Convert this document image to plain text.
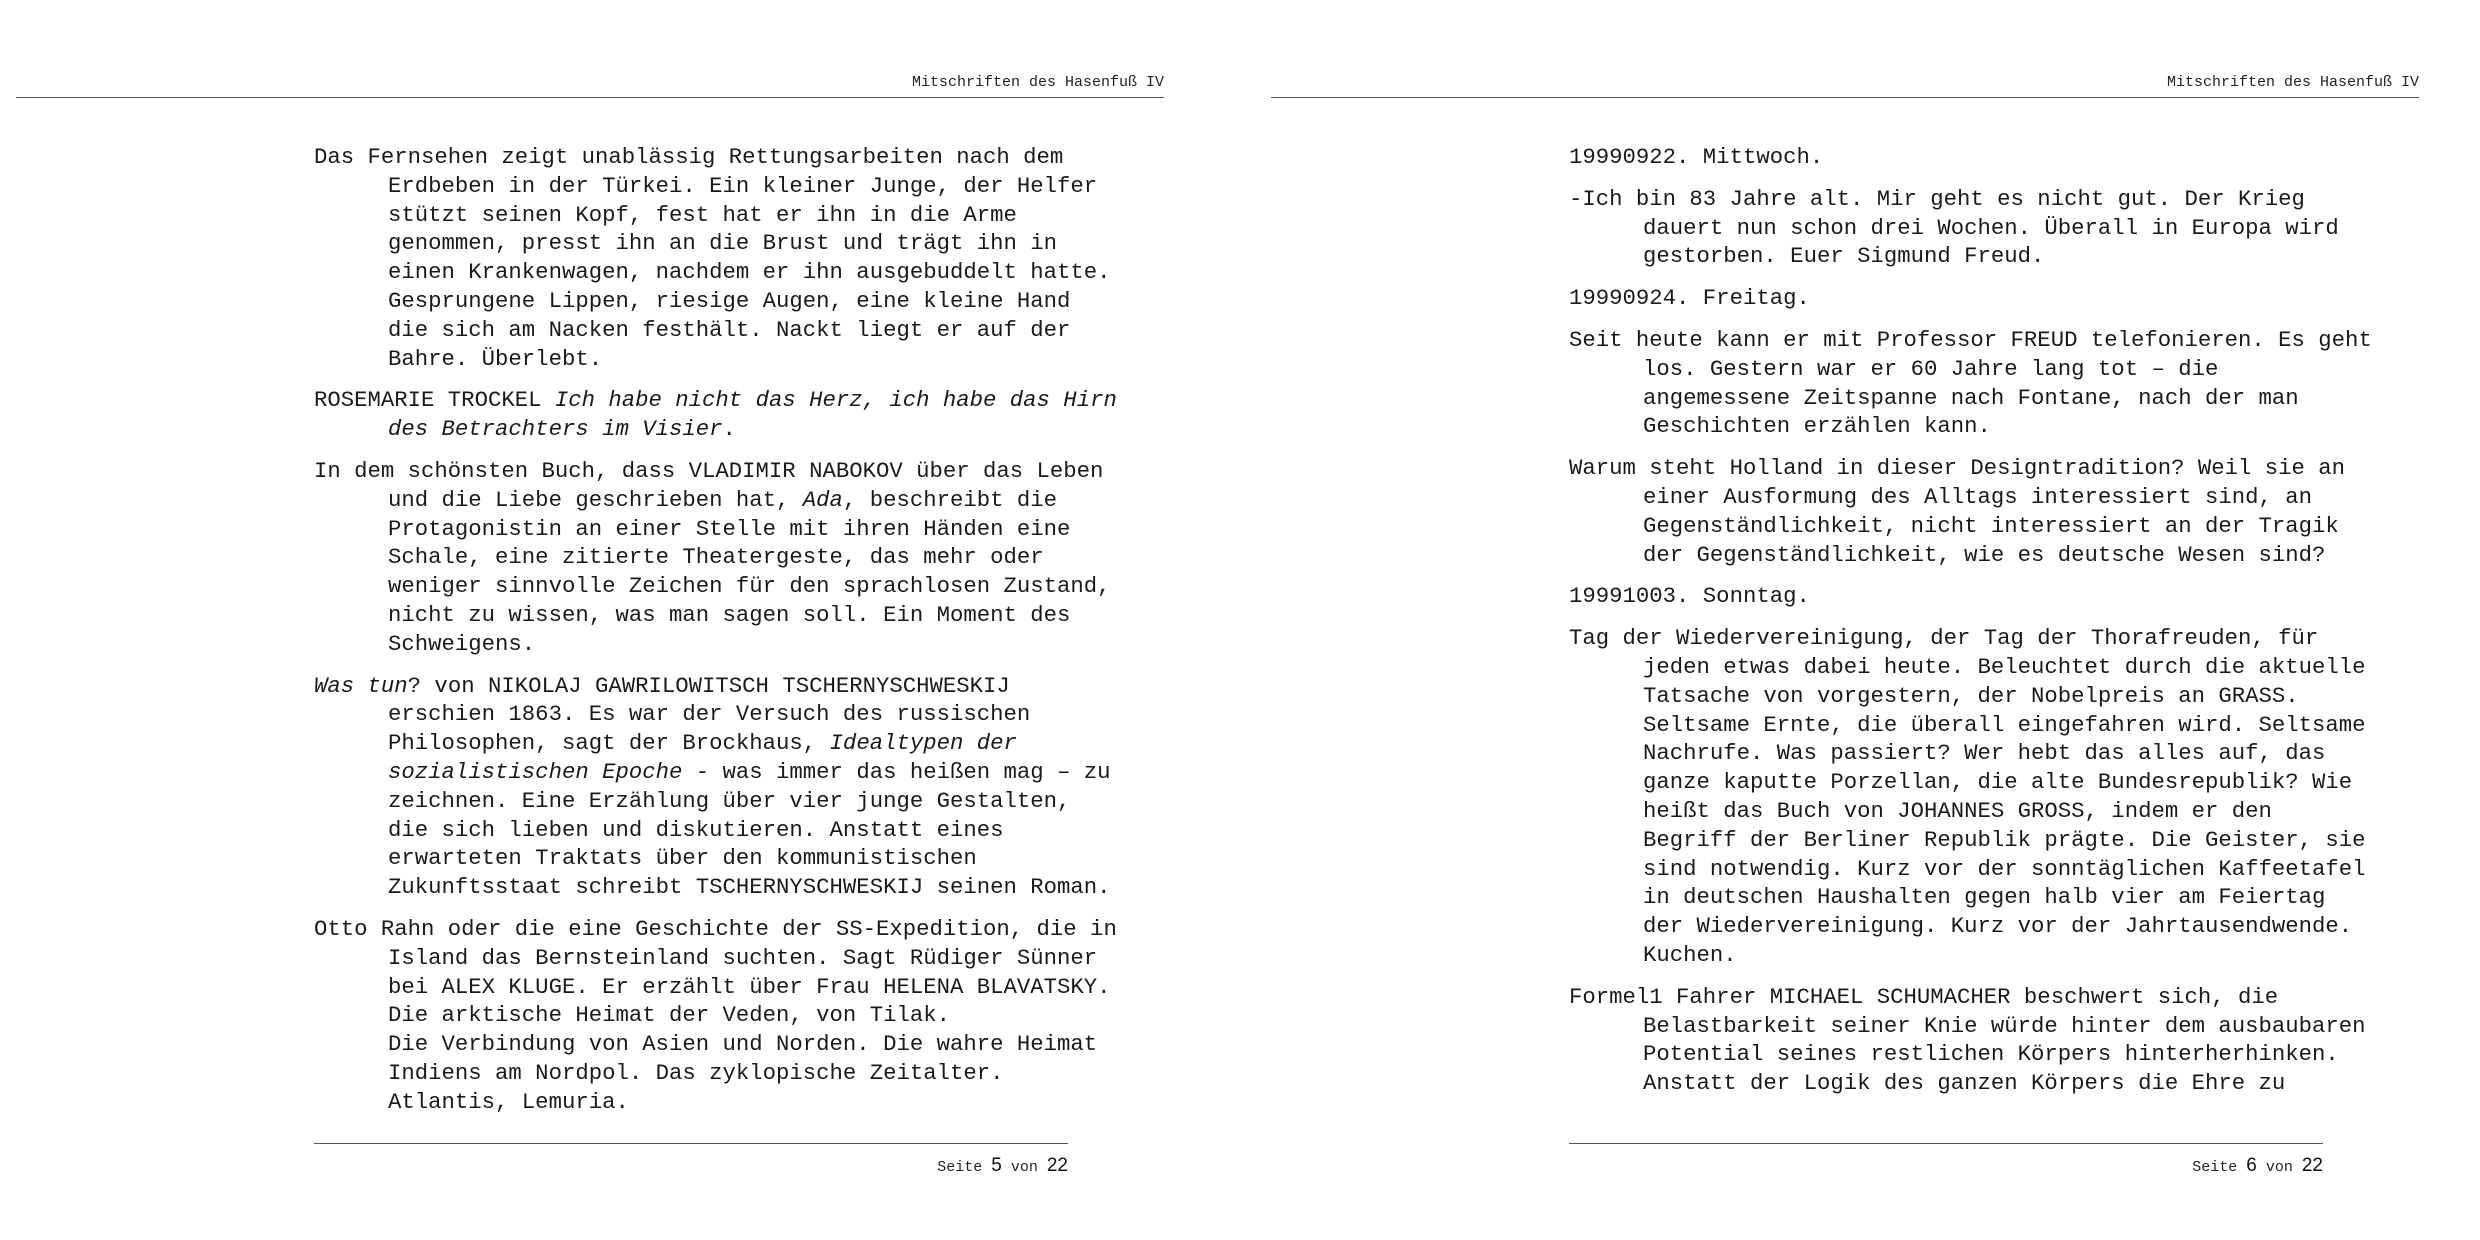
Mitschriften des Hasenfuß IV

Das Fernsehen zeigt unablässig Rettungsarbeiten nach dem
Erdbeben in der Türkei. Ein kleiner Junge, der Helfer
stützt seinen Kopf, fest hat er ihn in die Arme
genommen, presst ihn an die Brust und trägt ihn in
einen Krankenwagen, nachdem er ihn ausgebuddelt hatte.
Gesprungene Lippen, riesige Augen, eine kleine Hand
die sich am Nacken festhält. Nackt liegt er auf der
Bahre. Überlebt.

ROSEMARIE TROCKEL Ich habe nicht das Herz, ich habe das Hirn
des Betrachters im Visier.

In dem schönsten Buch, dass VLADIMIR NABOKOV über das Leben
und die Liebe geschrieben hat, Ada, beschreibt die
Protagonistin an einer Stelle mit ihren Händen eine
Schale, eine zitierte Theatergeste, das mehr oder
weniger sinnvolle Zeichen für den sprachlosen Zustand,
nicht zu wissen, was man sagen soll. Ein Moment des
Schweigens.

Was tun? von NIKOLAJ GAWRILOWITSCH TSCHERNYSCHWESKIJ
erschien 1863. Es war der Versuch des russischen
Philosophen, sagt der Brockhaus, Idealtypen der
sozialistischen Epoche - was immer das heißen mag – zu
zeichnen. Eine Erzählung über vier junge Gestalten,
die sich lieben und diskutieren. Anstatt eines
erwarteten Traktats über den kommunistischen
Zukunftsstaat schreibt TSCHERNYSCHWESKIJ seinen Roman.

Otto Rahn oder die eine Geschichte der SS-Expedition, die in
Island das Bernsteinland suchten. Sagt Rüdiger Sünner
bei ALEX KLUGE. Er erzählt über Frau HELENA BLAVATSKY.
Die arktische Heimat der Veden, von Tilak.
Die Verbindung von Asien und Norden. Die wahre Heimat
Indiens am Nordpol. Das zyklopische Zeitalter.
Atlantis, Lemuria.

Seite 5 von 22
Mitschriften des Hasenfuß IV

19990922. Mittwoch.

-Ich bin 83 Jahre alt. Mir geht es nicht gut. Der Krieg
dauert nun schon drei Wochen. Überall in Europa wird
gestorben. Euer Sigmund Freud.

19990924. Freitag.

Seit heute kann er mit Professor FREUD telefonieren. Es geht
los. Gestern war er 60 Jahre lang tot – die
angemessene Zeitspanne nach Fontane, nach der man
Geschichten erzählen kann.

Warum steht Holland in dieser Designtradition? Weil sie an
einer Ausformung des Alltags interessiert sind, an
Gegenständlichkeit, nicht interessiert an der Tragik
der Gegenständlichkeit, wie es deutsche Wesen sind?

19991003. Sonntag.

Tag der Wiedervereinigung, der Tag der Thorafreuden, für
jeden etwas dabei heute. Beleuchtet durch die aktuelle
Tatsache von vorgestern, der Nobelpreis an GRASS.
Seltsame Ernte, die überall eingefahren wird. Seltsame
Nachrufe. Was passiert? Wer hebt das alles auf, das
ganze kaputte Porzellan, die alte Bundesrepublik? Wie
heißt das Buch von JOHANNES GROSS, indem er den
Begriff der Berliner Republik prägte. Die Geister, sie
sind notwendig. Kurz vor der sonntäglichen Kaffeetafel
in deutschen Haushalten gegen halb vier am Feiertag
der Wiedervereinigung. Kurz vor der Jahrtausendwende.
Kuchen.

Formel1 Fahrer MICHAEL SCHUMACHER beschwert sich, die
Belastbarkeit seiner Knie würde hinter dem ausbaubaren
Potential seines restlichen Körpers hinterherhinken.
Anstatt der Logik des ganzen Körpers die Ehre zu

Seite 6 von 22
